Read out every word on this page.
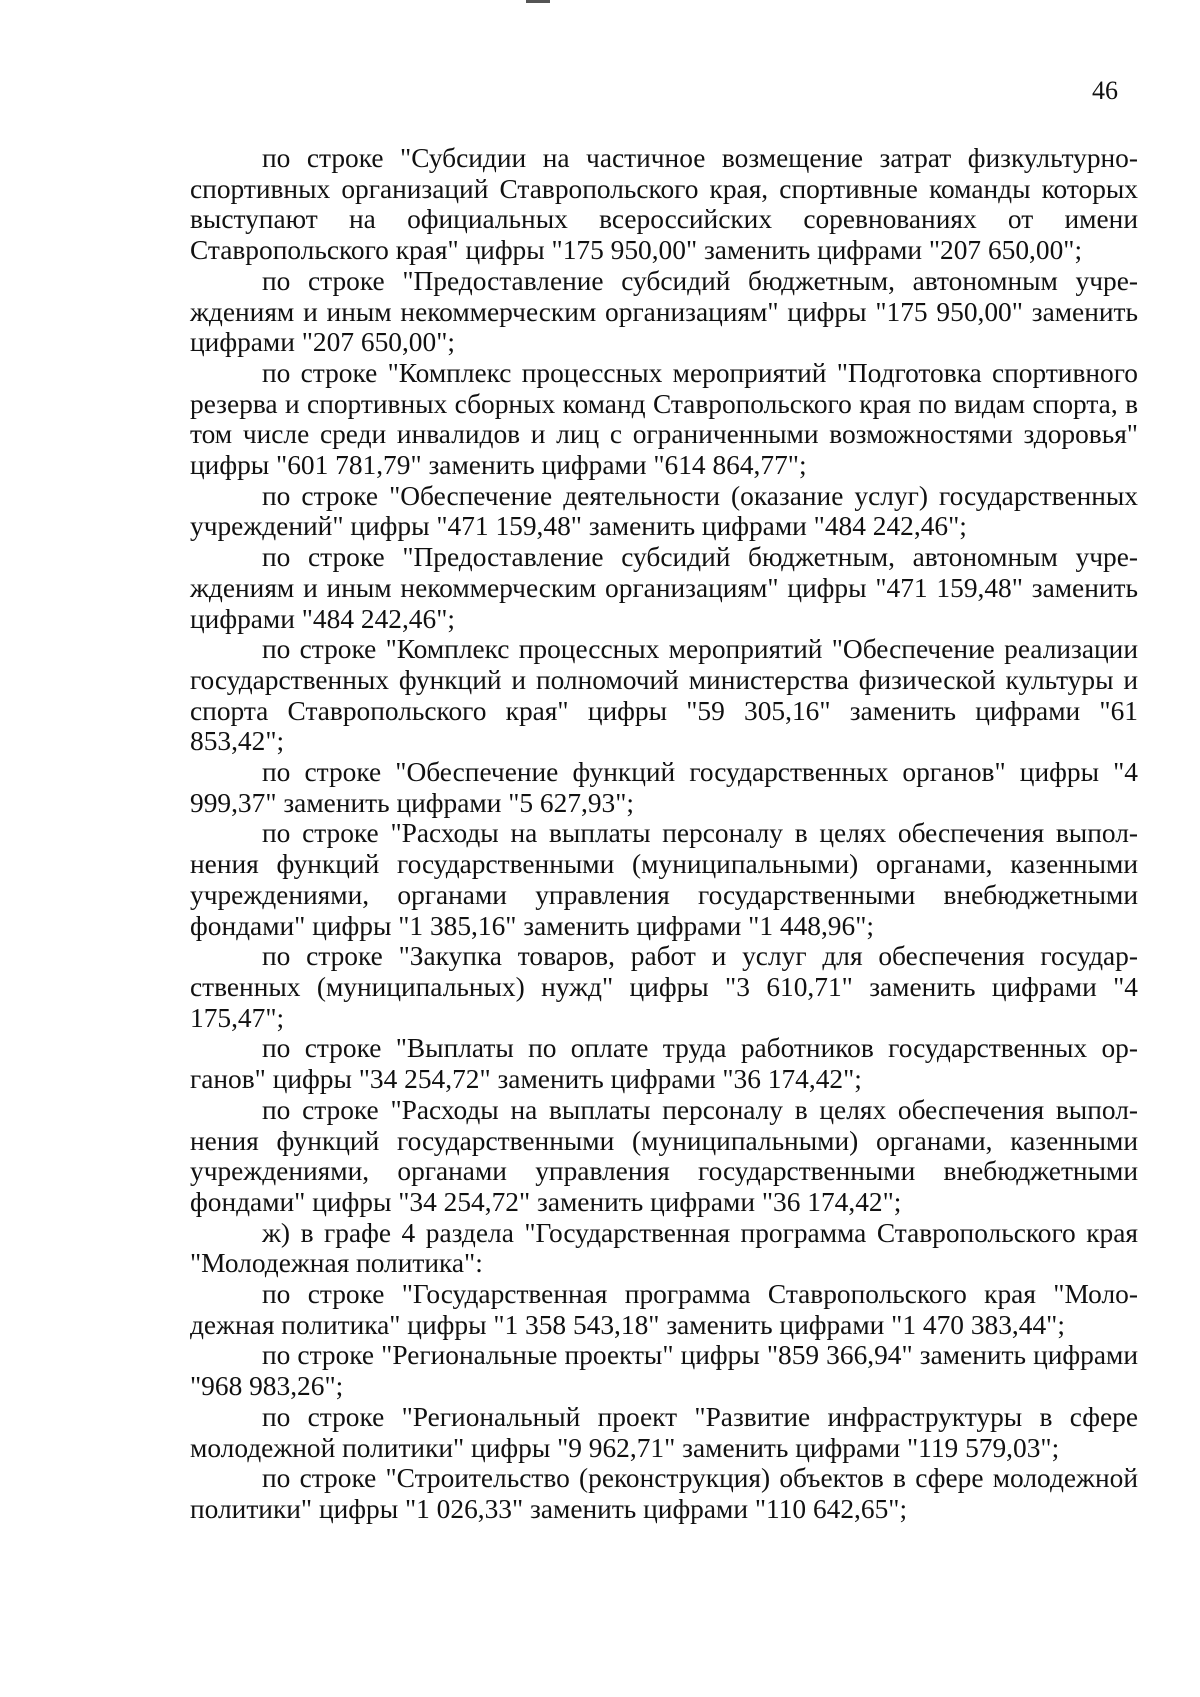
46

по строке "Субсидии на частичное возмещение затрат физкультурно-спортивных организаций Ставропольского края, спортивные команды которых выступают на официальных всероссийских соревнованиях от имени Ставропольского края" цифры "175 950,00" заменить цифрами "207 650,00";

по строке "Предоставление субсидий бюджетным, автономным учреждениям и иным некоммерческим организациям" цифры "175 950,00" заменить цифрами "207 650,00";

по строке "Комплекс процессных мероприятий "Подготовка спортивного резерва и спортивных сборных команд Ставропольского края по видам спорта, в том числе среди инвалидов и лиц с ограниченными возможностями здоровья" цифры "601 781,79" заменить цифрами "614 864,77";

по строке "Обеспечение деятельности (оказание услуг) государственных учреждений" цифры "471 159,48" заменить цифрами "484 242,46";

по строке "Предоставление субсидий бюджетным, автономным учреждениям и иным некоммерческим организациям" цифры "471 159,48" заменить цифрами "484 242,46";

по строке "Комплекс процессных мероприятий "Обеспечение реализации государственных функций и полномочий министерства физической культуры и спорта Ставропольского края" цифры "59 305,16" заменить цифрами "61 853,42";

по строке "Обеспечение функций государственных органов" цифры "4 999,37" заменить цифрами "5 627,93";

по строке "Расходы на выплаты персоналу в целях обеспечения выполнения функций государственными (муниципальными) органами, казенными учреждениями, органами управления государственными внебюджетными фондами" цифры "1 385,16" заменить цифрами "1 448,96";

по строке "Закупка товаров, работ и услуг для обеспечения государственных (муниципальных) нужд" цифры "3 610,71" заменить цифрами "4 175,47";

по строке "Выплаты по оплате труда работников государственных органов" цифры "34 254,72" заменить цифрами "36 174,42";

по строке "Расходы на выплаты персоналу в целях обеспечения выполнения функций государственными (муниципальными) органами, казенными учреждениями, органами управления государственными внебюджетными фондами" цифры "34 254,72" заменить цифрами "36 174,42";

ж) в графе 4 раздела "Государственная программа Ставропольского края "Молодежная политика":

по строке "Государственная программа Ставропольского края "Молодежная политика" цифры "1 358 543,18" заменить цифрами "1 470 383,44";

по строке "Региональные проекты" цифры "859 366,94" заменить цифрами "968 983,26";

по строке "Региональный проект "Развитие инфраструктуры в сфере молодежной политики" цифры "9 962,71" заменить цифрами "119 579,03";

по строке "Строительство (реконструкция) объектов в сфере молодежной политики" цифры "1 026,33" заменить цифрами "110 642,65";
